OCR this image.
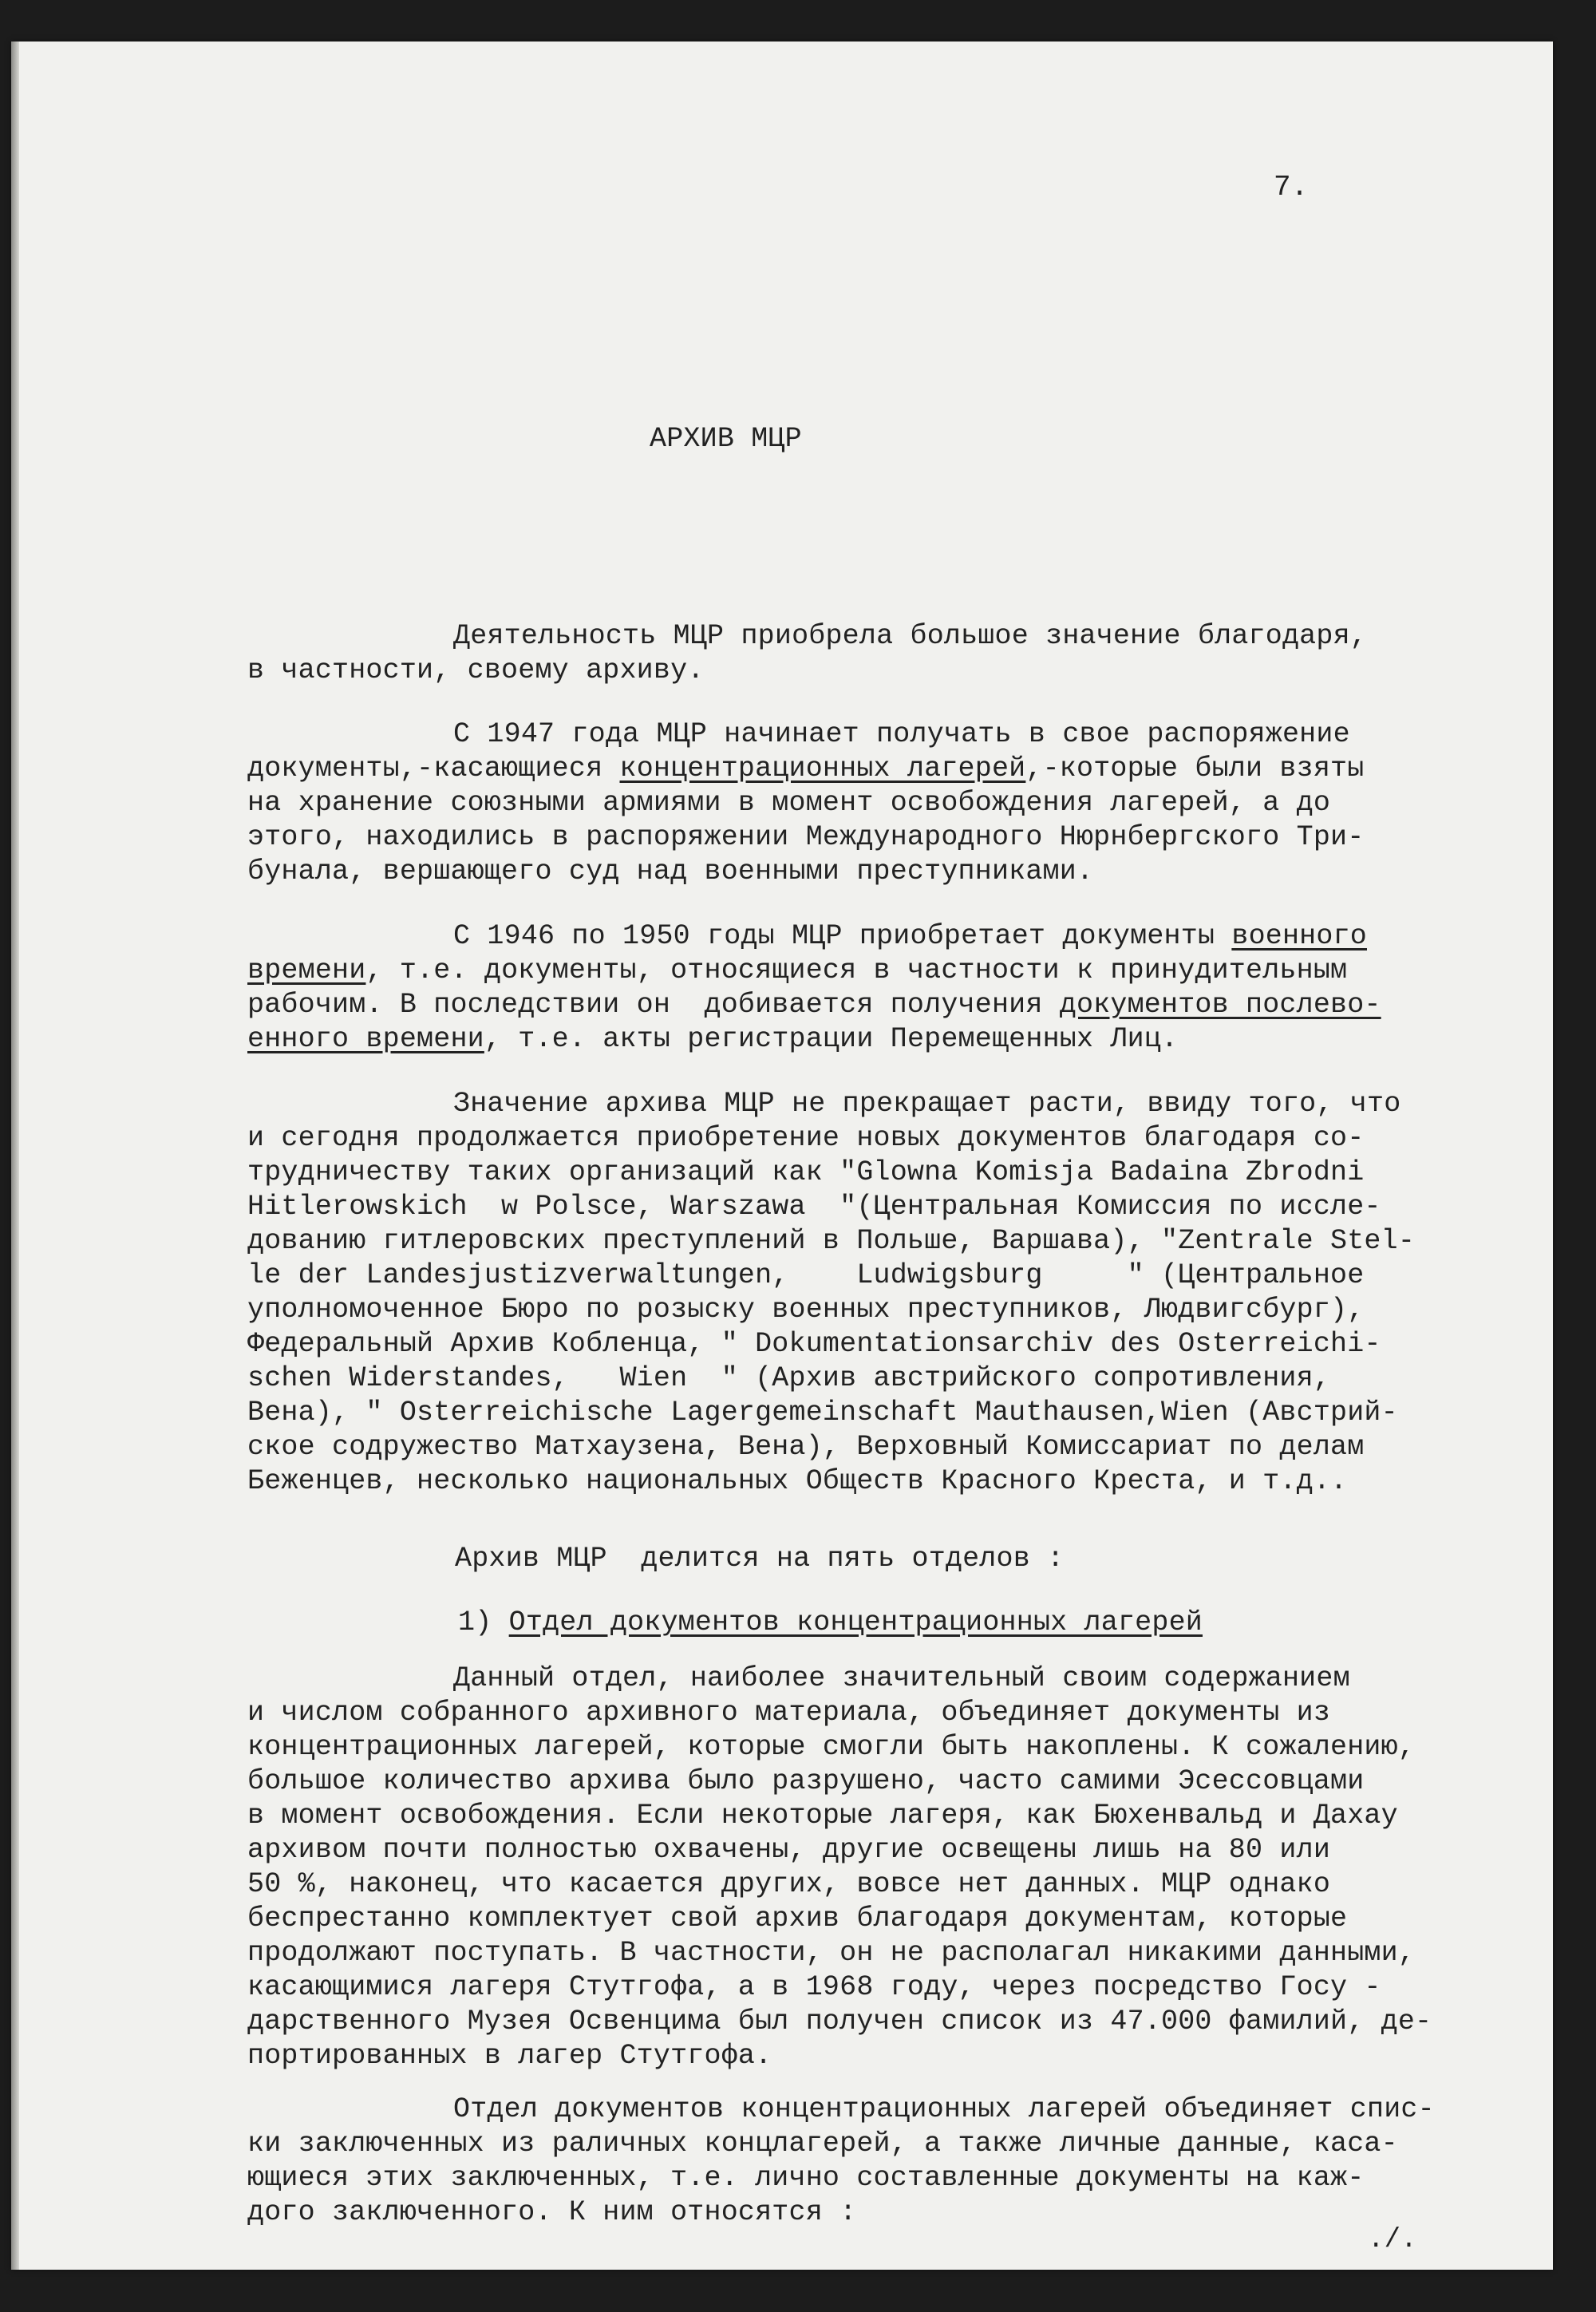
7.
АРХИВ МЦР
Деятельность МЦР приобрела большое значение благодаря,
в частности, своему архиву.
С 1947 года МЦР начинает получать в свое распоряжение
документы,-касающиеся концентрационных лагерей,-которые были взяты
на хранение союзными армиями в момент освобождения лагерей, а до
этого, находились в распоряжении Международного Нюрнбергского Три-
бунала, вершающего суд над военными преступниками.
С 1946 по 1950 годы МЦР приобретает документы военного
времени, т.е. документы, относящиеся в частности к принудительным
рабочим. В последствии он  добивается получения документов послево-
енного времени, т.е. акты регистрации Перемещенных Лиц.
Значение архива МЦР не прекращает расти, ввиду того, что
и сегодня продолжается приобретение новых документов благодаря со-
трудничеству таких организаций как "Glowna Komisja Badaina Zbrodni
Hitlerowskich  w Polsce, Warszawa  "(Центральная Комиссия по иссле-
дованию гитлеровских преступлений в Польше, Варшава), "Zentrale Stel-
le der Landesjustizverwaltungen,    Ludwigsburg     " (Центральное
уполномоченное Бюро по розыску военных преступников, Людвигсбург),
Федеральный Архив Кобленца, " Dokumentationsarchiv des Osterreichi-
schen Widerstandes,   Wien  " (Архив австрийского сопротивления,
Вена), " Osterreichische Lagergemeinschaft Mauthausen,Wien (Австрий-
ское содружество Матхаузена, Вена), Верховный Комиссариат по делам
Беженцев, несколько национальных Обществ Красного Креста, и т.д..
Архив МЦР  делится на пять отделов :
1) Отдел документов концентрационных лагерей
Данный отдел, наиболее значительный своим содержанием
и числом собранного архивного материала, объединяет документы из
концентрационных лагерей, которые смогли быть накоплены. К сожалению,
большое количество архива было разрушено, часто самими Эсессовцами
в момент освобождения. Если некоторые лагеря, как Бюхенвальд и Дахау
архивом почти полностью охвачены, другие освещены лишь на 80 или
50 %, наконец, что касается других, вовсе нет данных. МЦР однако
беспрестанно комплектует свой архив благодаря документам, которые
продолжают поступать. В частности, он не располагал никакими данными,
касающимися лагеря Стутгофа, а в 1968 году, через посредство Госу -
дарственного Музея Освенцима был получен список из 47.000 фамилий, де-
портированных в лагер Стутгофа.
Отдел документов концентрационных лагерей объединяет спис-
ки заключенных из раличных концлагерей, а также личные данные, каса-
ющиеся этих заключенных, т.е. лично составленные документы на каж-
дого заключенного. К ним относятся :
./.
